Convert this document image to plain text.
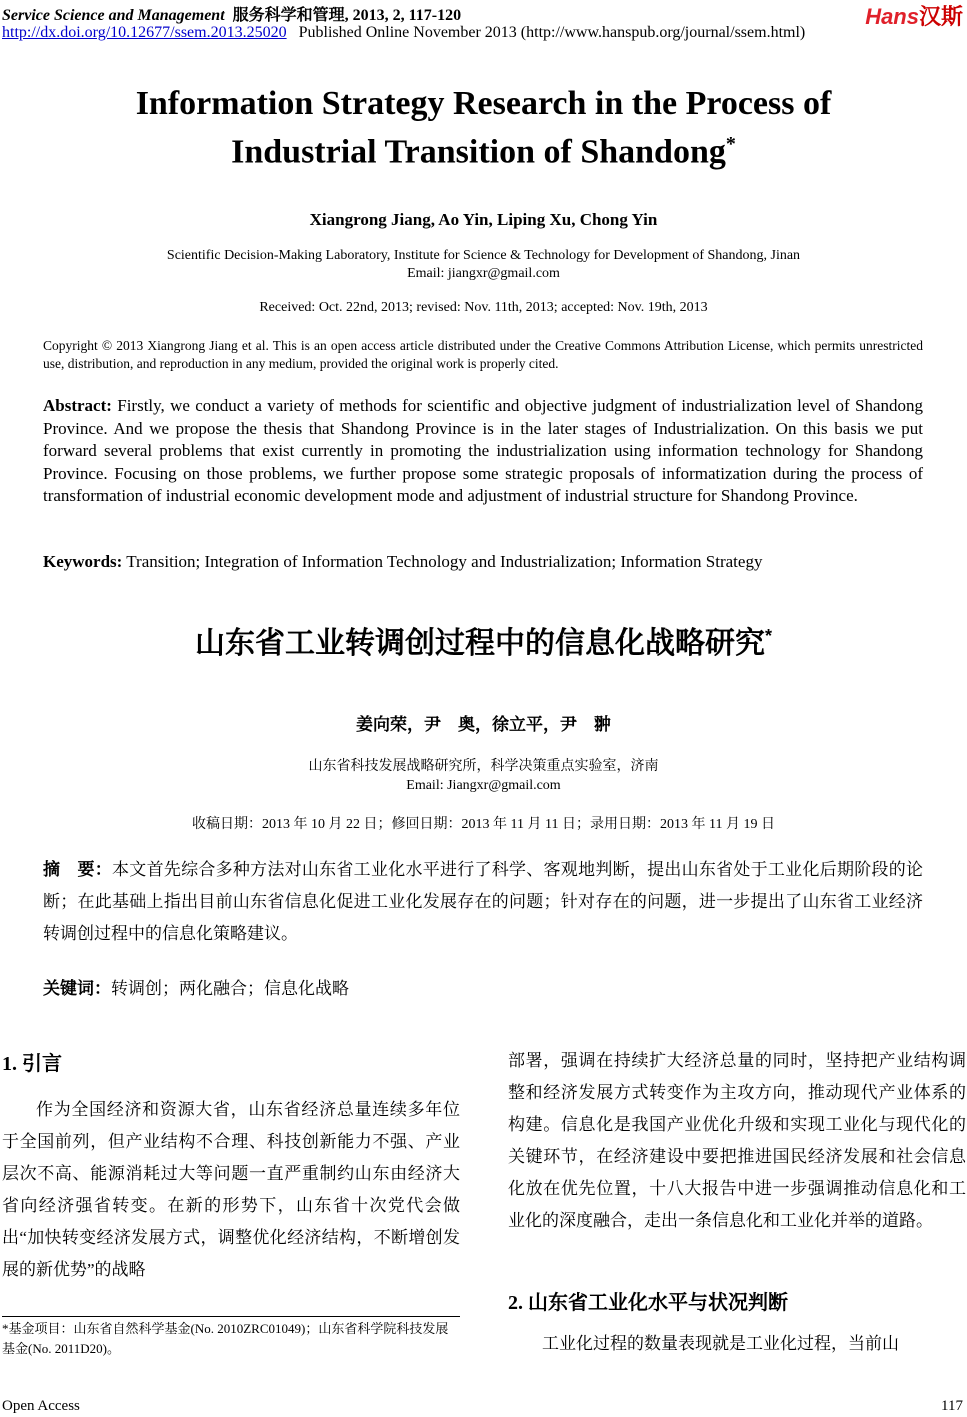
Service Science and Management 服务科学和管理, 2013, 2, 117-120
http://dx.doi.org/10.12677/ssem.2013.25020 Published Online November 2013 (http://www.hanspub.org/journal/ssem.html)
Hans汉斯
Information Strategy Research in the Process of
Industrial Transition of Shandong*
Xiangrong Jiang, Ao Yin, Liping Xu, Chong Yin
Scientific Decision-Making Laboratory, Institute for Science & Technology for Development of Shandong, Jinan
Email: jiangxr@gmail.com
Received: Oct. 22nd, 2013; revised: Nov. 11th, 2013; accepted: Nov. 19th, 2013
Copyright © 2013 Xiangrong Jiang et al. This is an open access article distributed under the Creative Commons Attribution License, which permits unrestricted use, distribution, and reproduction in any medium, provided the original work is properly cited.
Abstract: Firstly, we conduct a variety of methods for scientific and objective judgment of industrialization level of Shandong Province. And we propose the thesis that Shandong Province is in the later stages of Industrialization. On this basis we put forward several problems that exist currently in promoting the industrialization using information technology for Shandong Province. Focusing on those problems, we further propose some strategic proposals of informatization during the process of transformation of industrial economic development mode and adjustment of industrial structure for Shandong Province.
Keywords: Transition; Integration of Information Technology and Industrialization; Information Strategy
山东省工业转调创过程中的信息化战略研究*
姜向荣，尹　奥，徐立平，尹　翀
山东省科技发展战略研究所，科学决策重点实验室，济南
Email: Jiangxr@gmail.com
收稿日期：2013 年 10 月 22 日；修回日期：2013 年 11 月 11 日；录用日期：2013 年 11 月 19 日
摘　要：本文首先综合多种方法对山东省工业化水平进行了科学、客观地判断，提出山东省处于工业化后期阶段的论断；在此基础上指出目前山东省信息化促进工业化发展存在的问题；针对存在的问题，进一步提出了山东省工业经济转调创过程中的信息化策略建议。
关键词：转调创；两化融合；信息化战略
1. 引言
作为全国经济和资源大省，山东省经济总量连续多年位于全国前列，但产业结构不合理、科技创新能力不强、产业层次不高、能源消耗过大等问题一直严重制约山东由经济大省向经济强省转变。在新的形势下，山东省十次党代会做出“加快转变经济发展方式，调整优化经济结构，不断增创发展的新优势”的战略
*基金项目：山东省自然科学基金(No. 2010ZRC01049)；山东省科学院科技发展基金(No. 2011D20)。
部署，强调在持续扩大经济总量的同时，坚持把产业结构调整和经济发展方式转变作为主攻方向，推动现代产业体系的构建。信息化是我国产业优化升级和实现工业化与现代化的关键环节，在经济建设中要把推进国民经济发展和社会信息化放在优先位置，十八大报告中进一步强调推动信息化和工业化的深度融合，走出一条信息化和工业化并举的道路。
2. 山东省工业化水平与状况判断
工业化过程的数量表现就是工业化过程，当前山
Open Access	117
